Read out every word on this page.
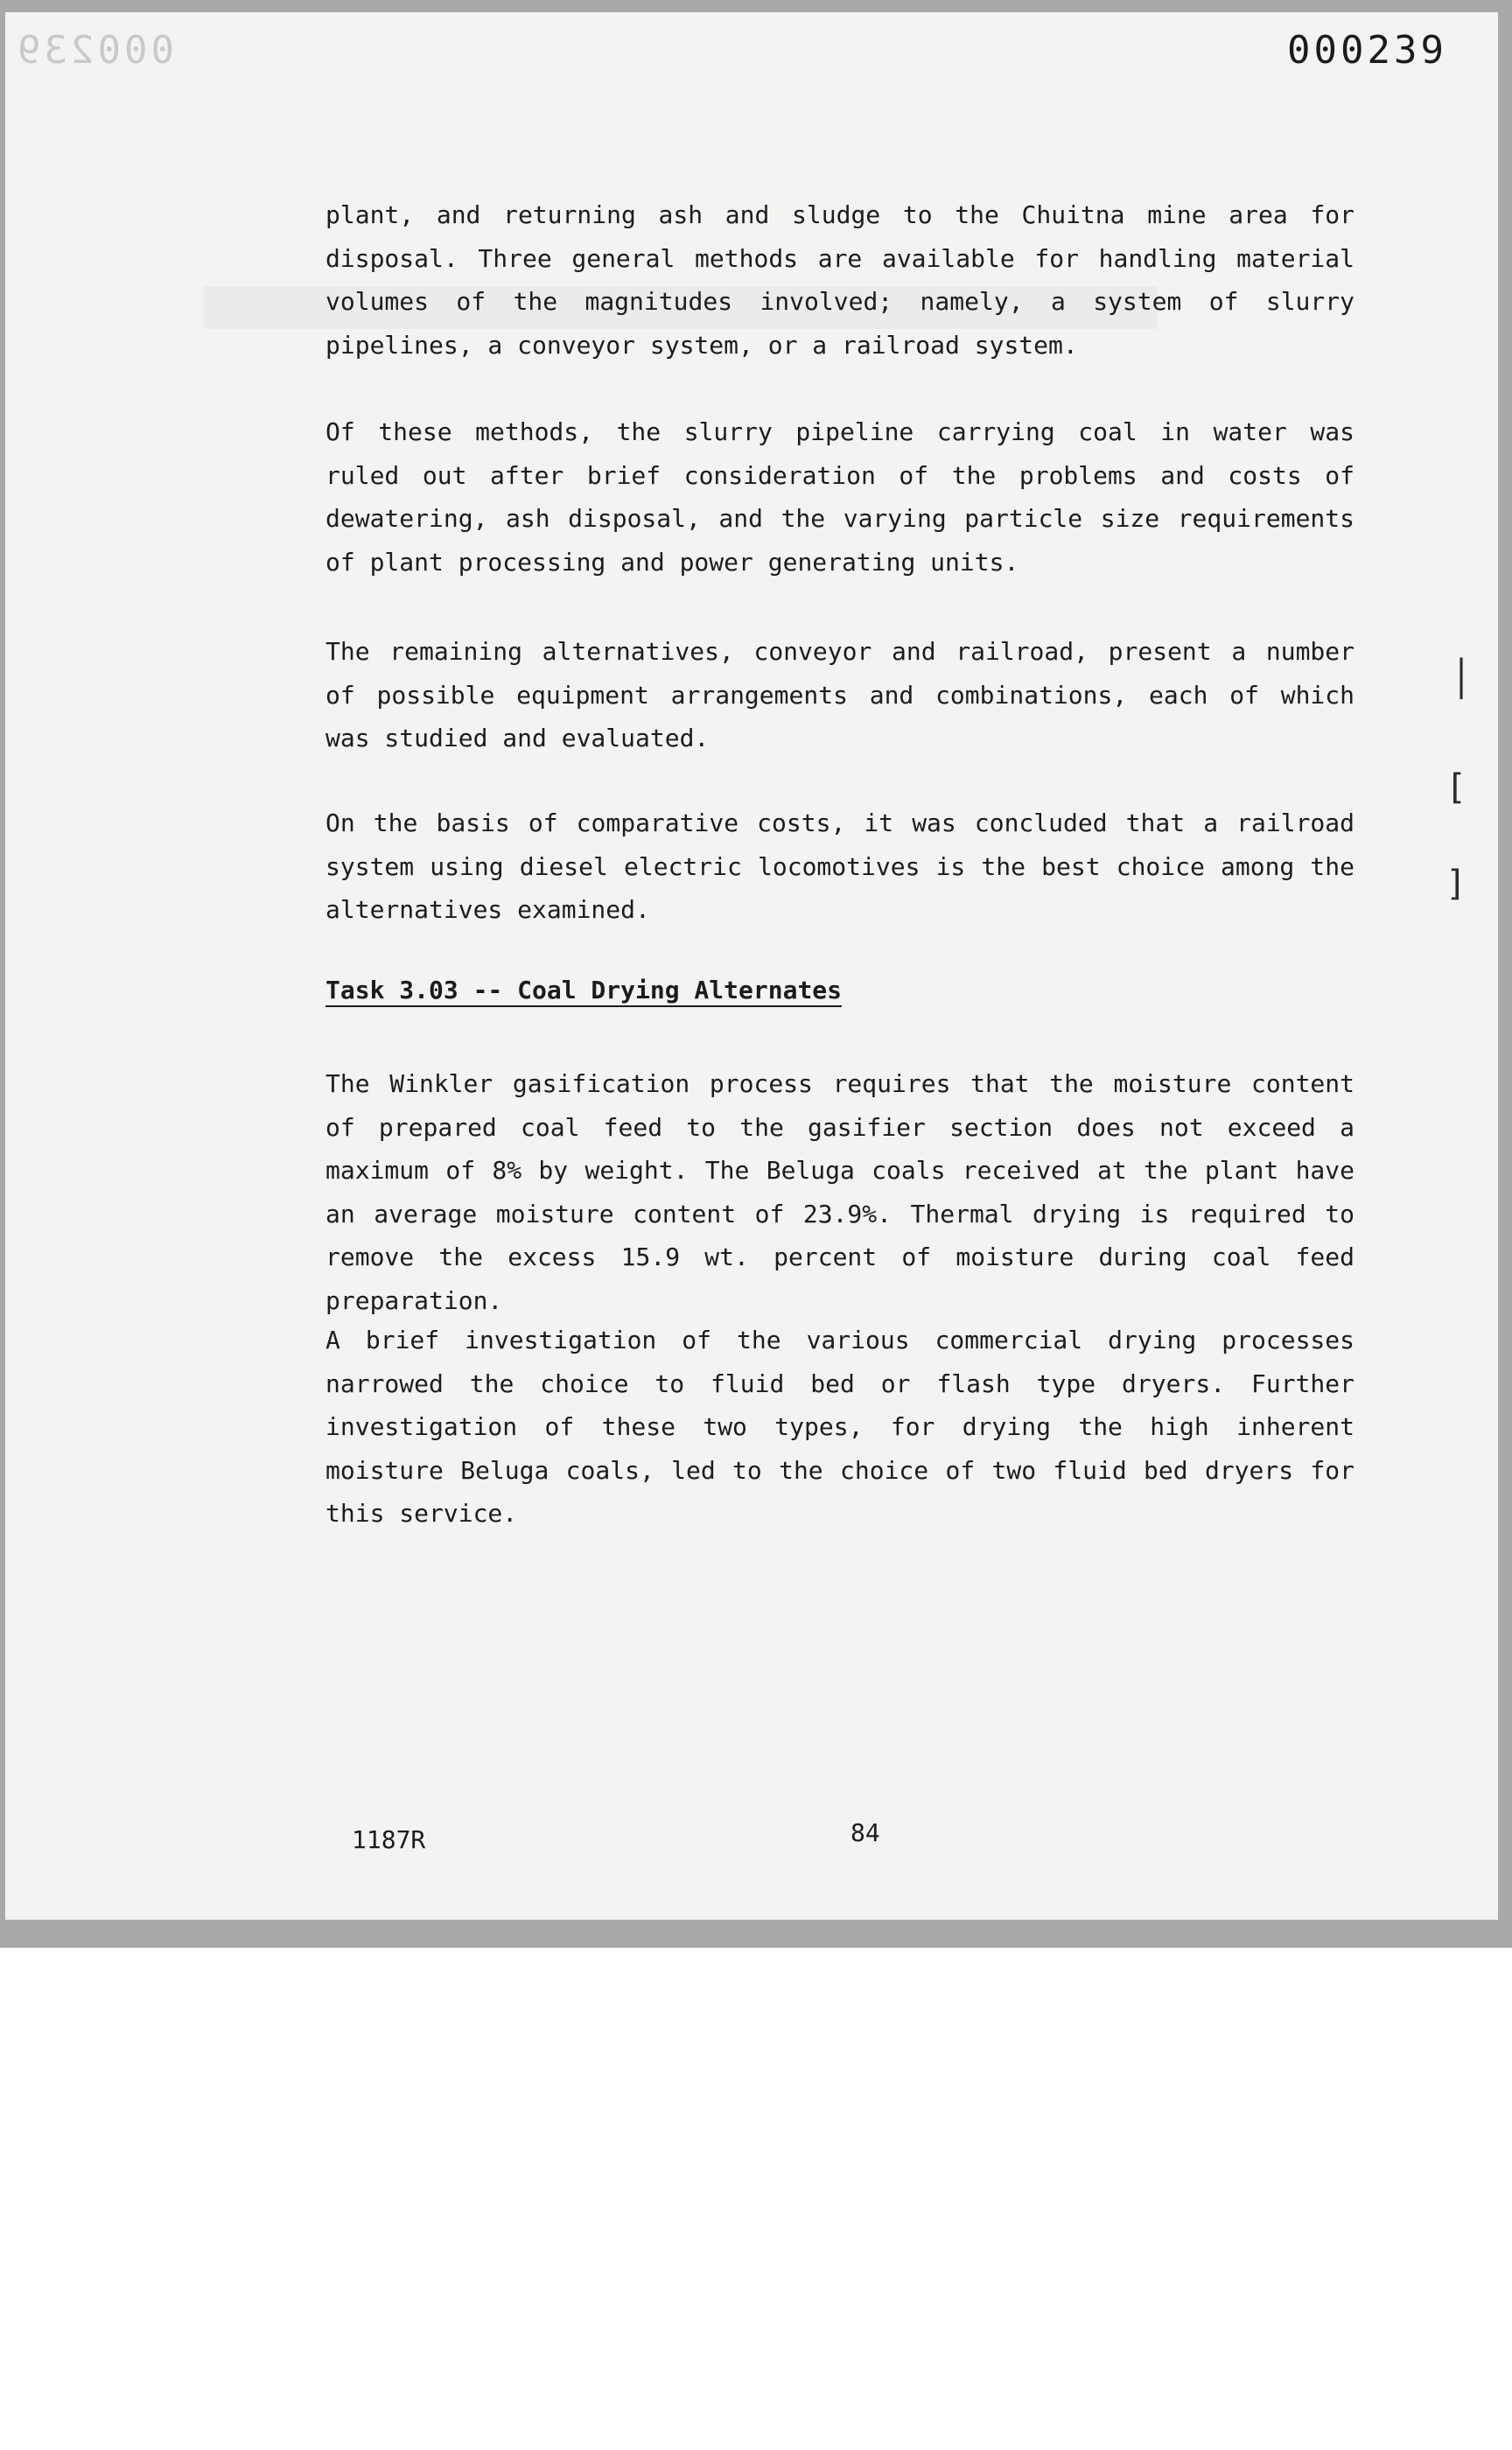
000239	000239

plant, and returning ash and sludge to the Chuitna mine area for disposal. Three general methods are available for handling material volumes of the magnitudes involved; namely, a system of slurry pipelines, a conveyor system, or a railroad system.

Of these methods, the slurry pipeline carrying coal in water was ruled out after brief consideration of the problems and costs of dewatering, ash disposal, and the varying particle size requirements of plant processing and power generating units.

The remaining alternatives, conveyor and railroad, present a number of possible equipment arrangements and combinations, each of which was studied and evaluated.

On the basis of comparative costs, it was concluded that a railroad system using diesel electric locomotives is the best choice among the alternatives examined.

Task 3.03 -- Coal Drying Alternates

The Winkler gasification process requires that the moisture content of prepared coal feed to the gasifier section does not exceed a maximum of 8% by weight. The Beluga coals received at the plant have an average moisture content of 23.9%. Thermal drying is required to remove the excess 15.9 wt. percent of moisture during coal feed preparation.

A brief investigation of the various commercial drying processes narrowed the choice to fluid bed or flash type dryers. Further investigation of these two types, for drying the high inherent moisture Beluga coals, led to the choice of two fluid bed dryers for this service.

│
[
]
1187R	84
